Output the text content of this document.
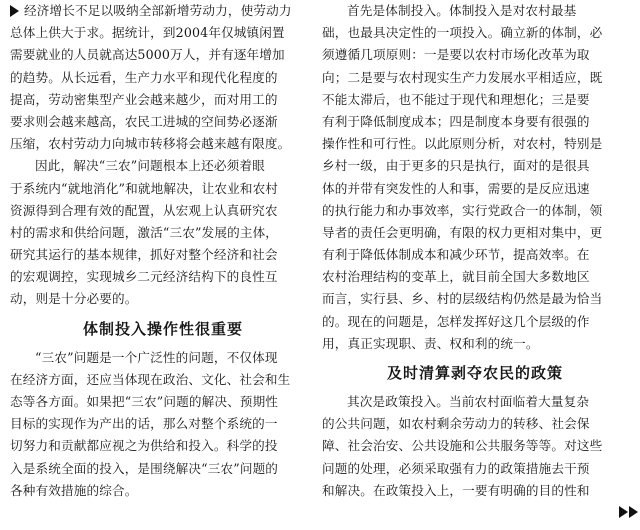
经济增长不足以吸纳全部新增劳动力，使劳动力
总体上供大于求。据统计，到2004年仅城镇闲置
需要就业的人员就高达5000万人，并有逐年增加
的趋势。从长远看，生产力水平和现代化程度的
提高，劳动密集型产业会越来越少，而对用工的
要求则会越来越高，农民工进城的空间势必逐渐
压缩，农村劳动力向城市转移将会越来越有限度。
因此，解决“三农”问题根本上还必须着眼
于系统内“就地消化”和就地解决，让农业和农村
资源得到合理有效的配置，从宏观上认真研究农
村的需求和供给问题，激活“三农”发展的主体，
研究其运行的基本规律，抓好对整个经济和社会
的宏观调控，实现城乡二元经济结构下的良性互
动，则是十分必要的。
体制投入操作性很重要
“三农”问题是一个广泛性的问题，不仅体现
在经济方面，还应当体现在政治、文化、社会和生
态等各方面。如果把“三农”问题的解决、预期性
目标的实现作为产出的话，那么对整个系统的一
切努力和贡献都应视之为供给和投入。科学的投
入是系统全面的投入，是围绕解决“三农”问题的
各种有效措施的综合。
首先是体制投入。体制投入是对农村最基
础，也最具决定性的一项投入。确立新的体制，必
须遵循几项原则：一是要以农村市场化改革为取
向；二是要与农村现实生产力发展水平相适应，既
不能太滞后，也不能过于现代和理想化；三是要
有利于降低制度成本；四是制度本身要有很强的
操作性和可行性。以此原则分析，对农村，特别是
乡村一级，由于更多的只是执行，面对的是很具
体的并带有突发性的人和事，需要的是反应迅速
的执行能力和办事效率，实行党政合一的体制，领
导者的责任会更明确，有限的权力更相对集中，更
有利于降低体制成本和减少环节，提高效率。在
农村治理结构的变革上，就目前全国大多数地区
而言，实行县、乡、村的层级结构仍然是最为恰当
的。现在的问题是，怎样发挥好这几个层级的作
用，真正实现职、责、权和利的统一。
及时清算剥夺农民的政策
其次是政策投入。当前农村面临着大量复杂
的公共问题，如农村剩余劳动力的转移、社会保
障、社会治安、公共设施和公共服务等等。对这些
问题的处理，必须采取强有力的政策措施去干预
和解决。在政策投入上，一要有明确的目的性和
